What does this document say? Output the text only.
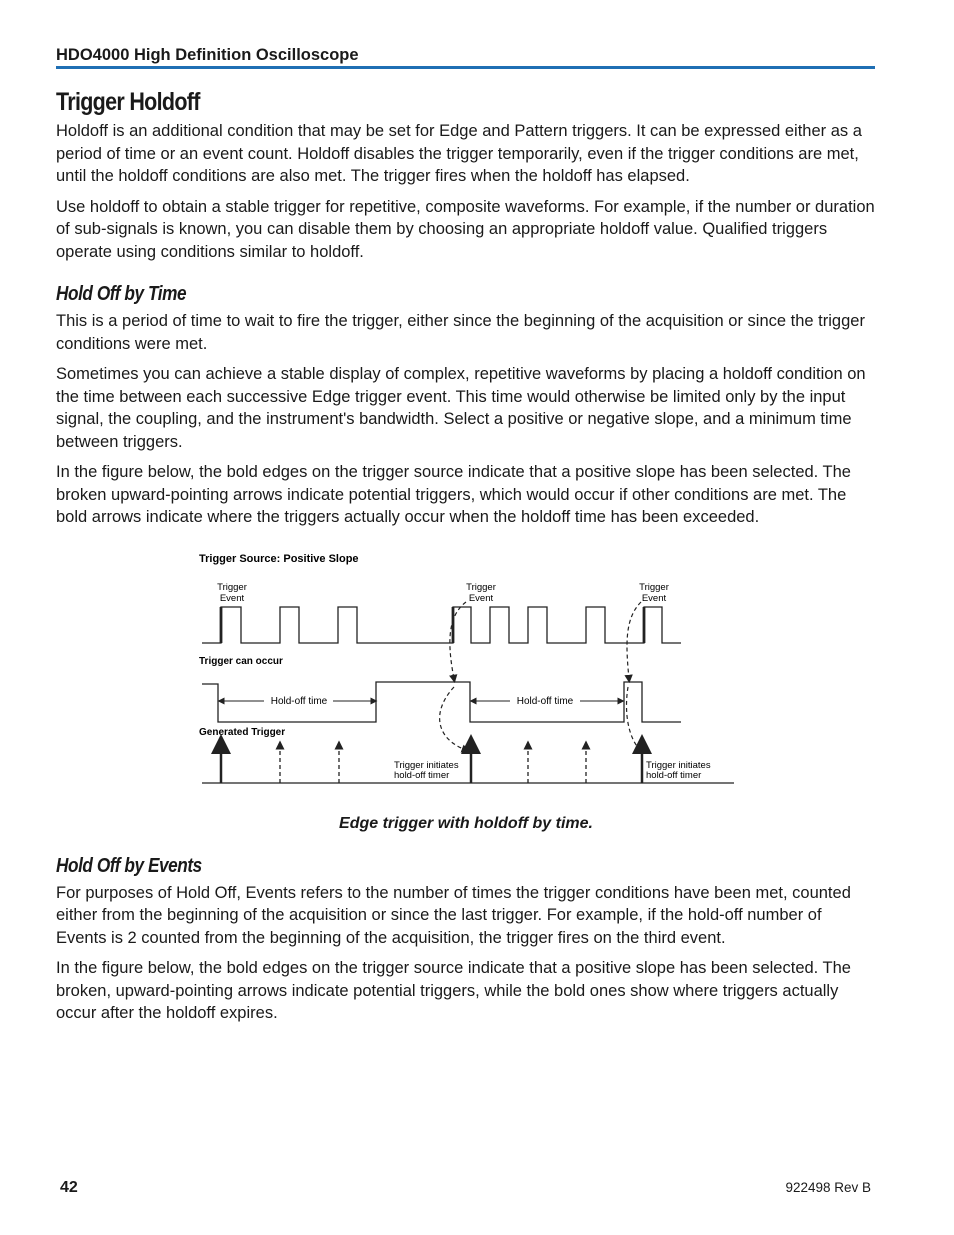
HDO4000 High Definition Oscilloscope
Trigger Holdoff

Holdoff is an additional condition that may be set for Edge and Pattern triggers. It can be expressed either as a period of time or an event count. Holdoff disables the trigger temporarily, even if the trigger conditions are met, until the holdoff conditions are also met. The trigger fires when the holdoff has elapsed.

Use holdoff to obtain a stable trigger for repetitive, composite waveforms. For example, if the number or duration of sub-signals is known, you can disable them by choosing an appropriate holdoff value. Qualified triggers operate using conditions similar to holdoff.

Hold Off by Time

This is a period of time to wait to fire the trigger, either since the beginning of the acquisition or since the trigger conditions were met.

Sometimes you can achieve a stable display of complex, repetitive waveforms by placing a holdoff condition on the time between each successive Edge trigger event. This time would otherwise be limited only by the input signal, the coupling, and the instrument's bandwidth. Select a positive or negative slope, and a minimum time between triggers.

In the figure below, the bold edges on the trigger source indicate that a positive slope has been selected. The broken upward-pointing arrows indicate potential triggers, which would occur if other conditions are met. The bold arrows indicate where the triggers actually occur when the holdoff time has been exceeded.

Trigger Source: Positive Slope
Trigger
Event
Trigger
Event
Trigger
Event
Trigger can occur
Hold-off time	Hold-off time
Generated Trigger
Trigger initiates
hold-off timer
Trigger initiates
hold-off timer
Edge trigger with holdoff by time.
Hold Off by Events

For purposes of Hold Off, Events refers to the number of times the trigger conditions have been met, counted either from the beginning of the acquisition or since the last trigger. For example, if the hold-off number of Events is 2 counted from the beginning of the acquisition, the trigger fires on the third event.

In the figure below, the bold edges on the trigger source indicate that a positive slope has been selected. The broken, upward-pointing arrows indicate potential triggers, while the bold ones show where triggers actually occur after the holdoff expires.

42	922498 Rev B
